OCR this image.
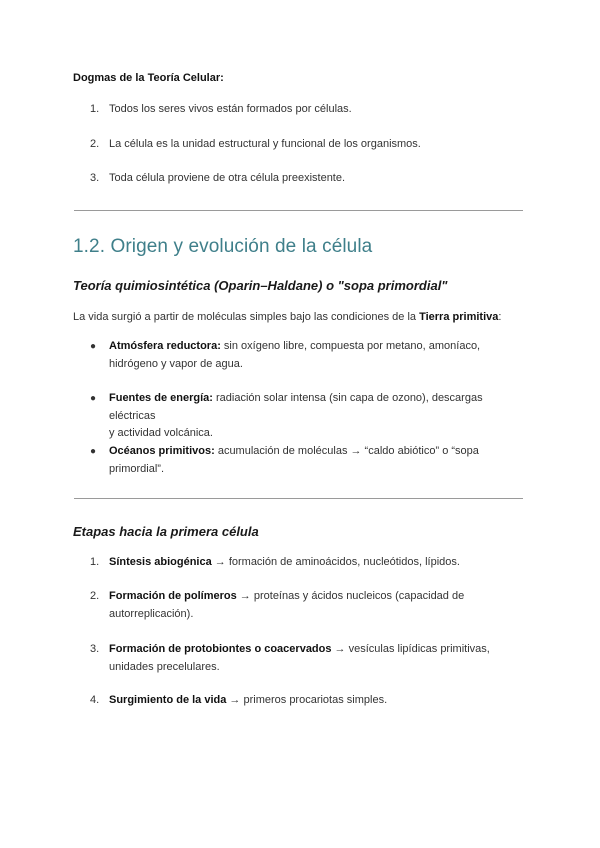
Dogmas de la Teoría Celular:
1. Todos los seres vivos están formados por células.
2. La célula es la unidad estructural y funcional de los organismos.
3. Toda célula proviene de otra célula preexistente.
1.2. Origen y evolución de la célula
Teoría quimiosintética (Oparin–Haldane) o "sopa primordial"

La vida surgió a partir de moléculas simples bajo las condiciones de la Tierra primitiva:

●	Atmósfera reductora: sin oxígeno libre, compuesta por metano, amoníaco,
hidrógeno y vapor de agua.
●	Fuentes de energía: radiación solar intensa (sin capa de ozono), descargas eléctricas
y actividad volcánica.
●	Océanos primitivos: acumulación de moléculas → “caldo abiótico” o “sopa
primordial”.
Etapas hacia la primera célula
1. Síntesis abiogénica → formación de aminoácidos, nucleótidos, lípidos.
2. Formación de polímeros → proteínas y ácidos nucleicos (capacidad de
autorreplicación).
3. Formación de protobiontes o coacervados → vesículas lipídicas primitivas,
unidades precelulares.
4. Surgimiento de la vida → primeros procariotas simples.
